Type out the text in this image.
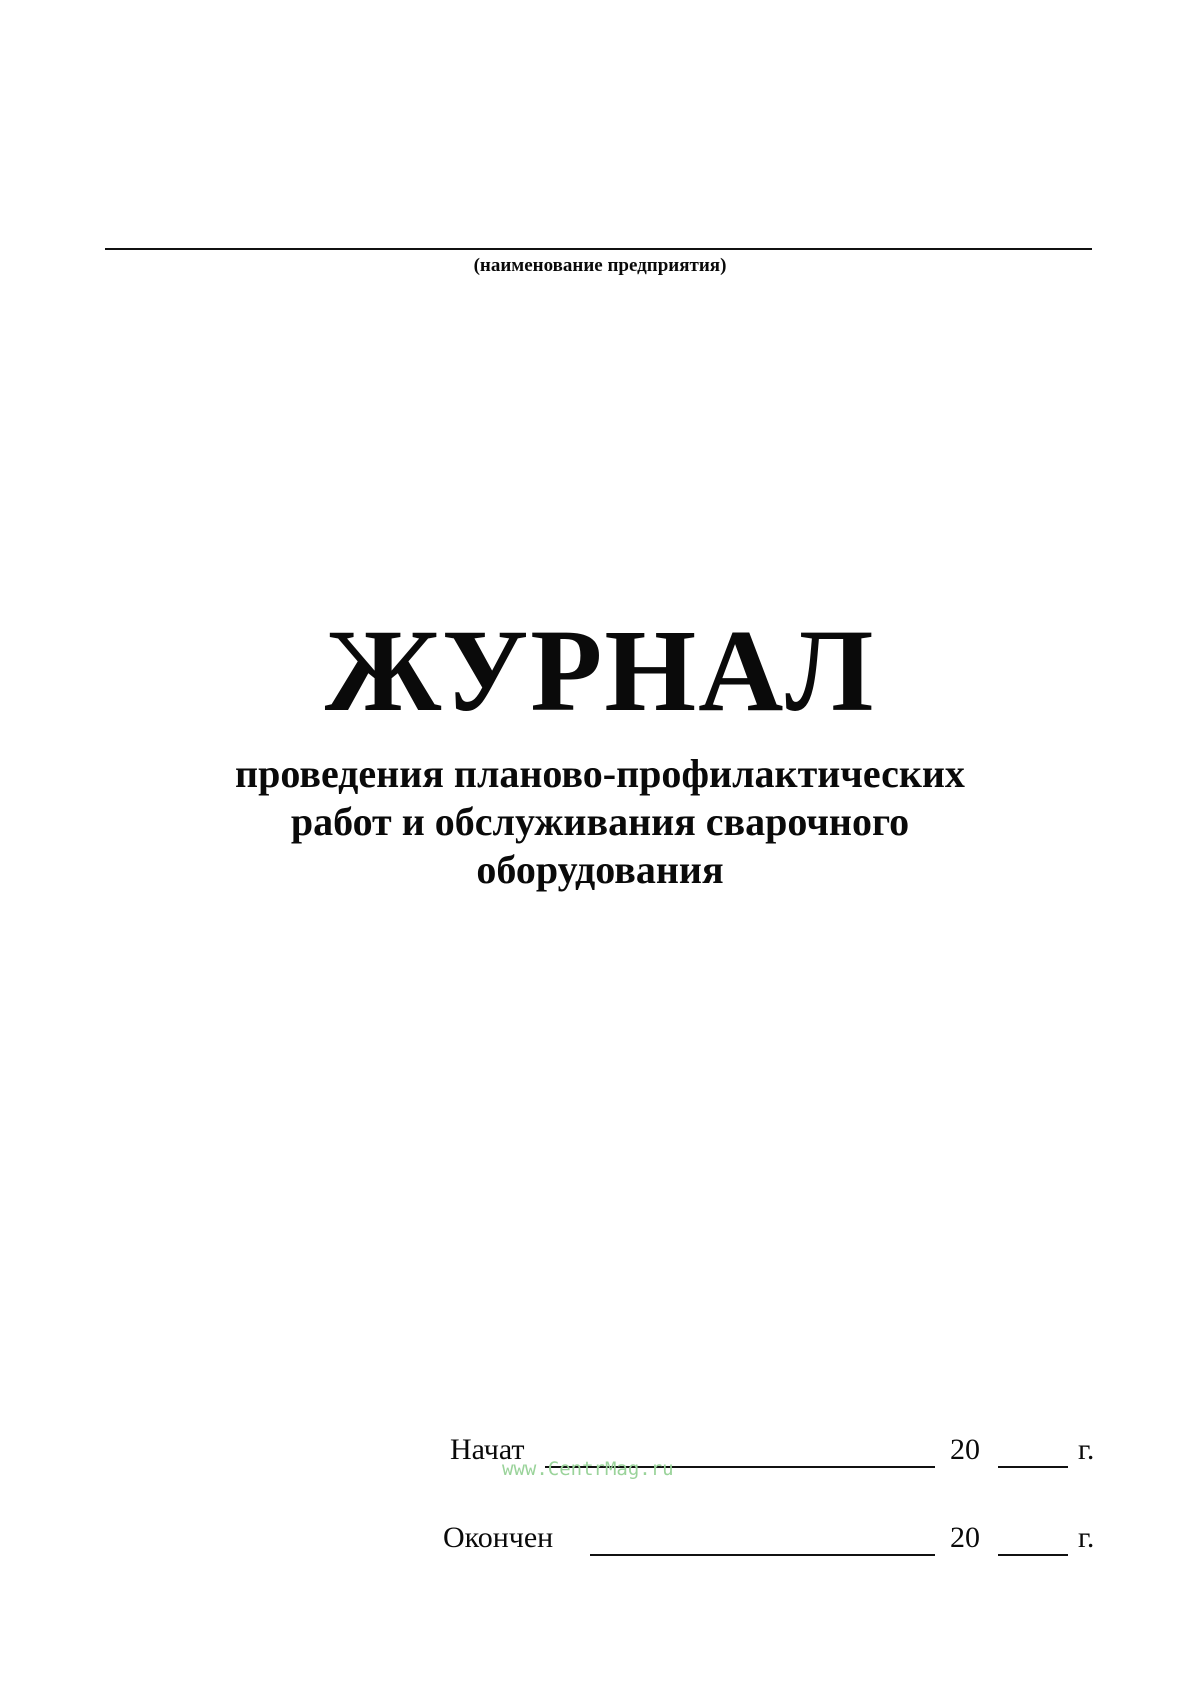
(наименование предприятия)
ЖУРНАЛ
проведения планово-профилактических
работ и обслуживания сварочного
оборудования
Начат	20	г.
Окончен	20	г.
www.CentrMag.ru
